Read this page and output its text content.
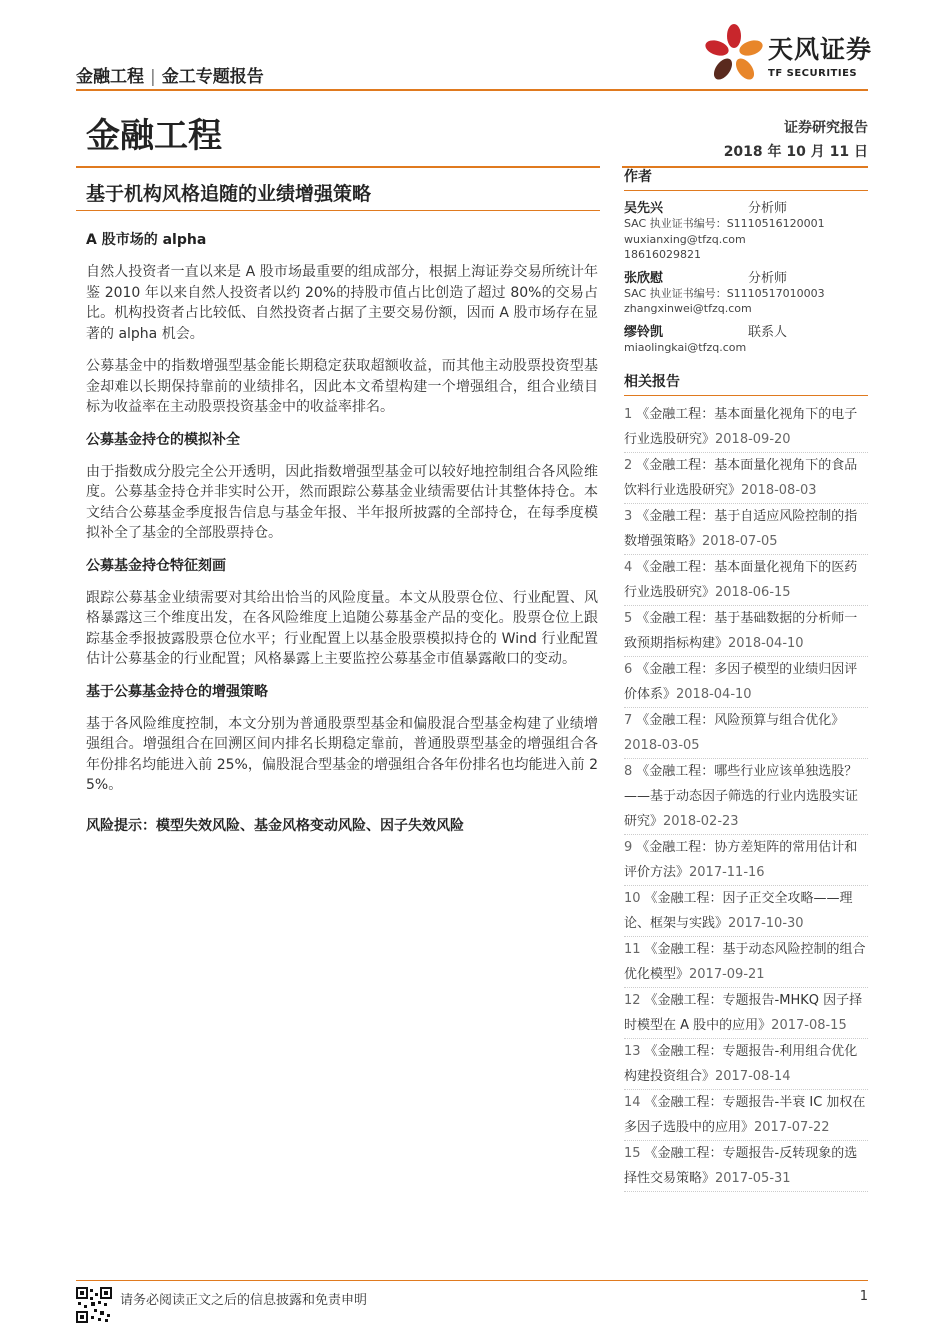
金融工程 | 金工专题报告
天风证券
TF SECURITIES
金融工程	证券研究报告
2018 年 10 月 11 日
基于机构风格追随的业绩增强策略
A 股市场的 alpha

自然人投资者一直以来是 A 股市场最重要的组成部分，根据上海证券交易所统计年鉴 2010 年以来自然人投资者以约 20%的持股市值占比创造了超过 80%的交易占比。机构投资者占比较低、自然投资者占据了主要交易份额，因而 A 股市场存在显著的 alpha 机会。

公募基金中的指数增强型基金能长期稳定获取超额收益，而其他主动股票投资型基金却难以长期保持靠前的业绩排名，因此本文希望构建一个增强组合，组合业绩目标为收益率在主动股票投资基金中的收益率排名。

公募基金持仓的模拟补全

由于指数成分股完全公开透明，因此指数增强型基金可以较好地控制组合各风险维度。公募基金持仓并非实时公开，然而跟踪公募基金业绩需要估计其整体持仓。本文结合公募基金季度报告信息与基金年报、半年报所披露的全部持仓，在每季度模拟补全了基金的全部股票持仓。

公募基金持仓特征刻画

跟踪公募基金业绩需要对其给出恰当的风险度量。本文从股票仓位、行业配置、风格暴露这三个维度出发，在各风险维度上追随公募基金产品的变化。股票仓位上跟踪基金季报披露股票仓位水平；行业配置上以基金股票模拟持仓的 Wind 行业配置估计公募基金的行业配置；风格暴露上主要监控公募基金市值暴露敞口的变动。

基于公募基金持仓的增强策略

基于各风险维度控制，本文分别为普通股票型基金和偏股混合型基金构建了业绩增强组合。增强组合在回溯区间内排名长期稳定靠前，普通股票型基金的增强组合各年份排名均能进入前 25%，偏股混合型基金的增强组合各年份排名也均能进入前 25%。

风险提示：模型失效风险、基金风格变动风险、因子失效风险
作者
吴先兴	分析师
SAC 执业证书编号：S1110516120001
wuxianxing@tfzq.com
18616029821
张欣慰	分析师
SAC 执业证书编号：S1110517010003
zhangxinwei@tfzq.com
缪铃凯	联系人
miaolingkai@tfzq.com
相关报告
1 《金融工程：基本面量化视角下的电子行业选股研究》2018-09-20
2 《金融工程：基本面量化视角下的食品饮料行业选股研究》2018-08-03
3 《金融工程：基于自适应风险控制的指数增强策略》2018-07-05
4 《金融工程：基本面量化视角下的医药行业选股研究》2018-06-15
5 《金融工程：基于基础数据的分析师一致预期指标构建》2018-04-10
6 《金融工程：多因子模型的业绩归因评价体系》2018-04-10
7 《金融工程：风险预算与组合优化》2018-03-05
8 《金融工程：哪些行业应该单独选股？——基于动态因子筛选的行业内选股实证研究》2018-02-23
9 《金融工程：协方差矩阵的常用估计和评价方法》2017-11-16
10 《金融工程：因子正交全攻略——理论、框架与实践》2017-10-30
11 《金融工程：基于动态风险控制的组合优化模型》2017-09-21
12 《金融工程：专题报告-MHKQ 因子择时模型在 A 股中的应用》2017-08-15
13 《金融工程：专题报告-利用组合优化构建投资组合》2017-08-14
14 《金融工程：专题报告-半衰 IC 加权在多因子选股中的应用》2017-07-22
15 《金融工程：专题报告-反转现象的选择性交易策略》2017-05-31
请务必阅读正文之后的信息披露和免责申明	1
